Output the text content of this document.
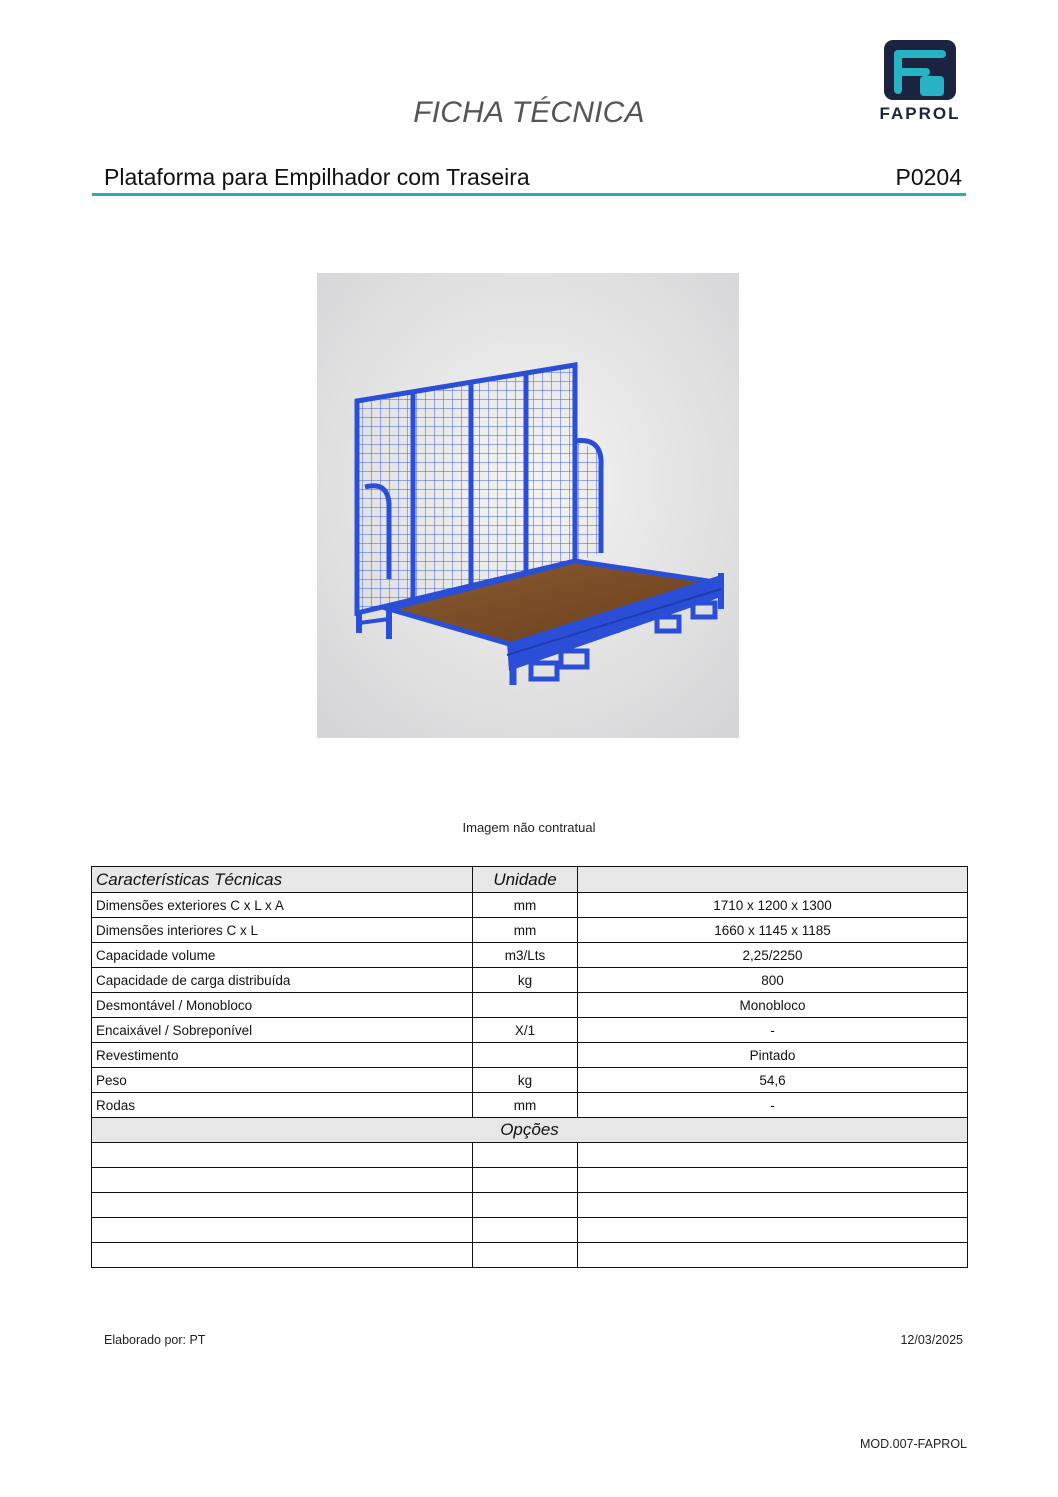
FICHA TÉCNICA	FAPROL
Plataforma para Empilhador com Traseira	P0204
Imagem não contratual
Características Técnicas	Unidade	
Dimensões exteriores C x L x A	mm	1710 x 1200 x 1300
Dimensões interiores C x L	mm	1660 x 1145 x 1185
Capacidade volume	m3/Lts	2,25/2250
Capacidade de carga distribuída	kg	800
Desmontável / Monobloco		Monobloco
Encaixável / Sobreponível	X/1	-
Revestimento		Pintado
Peso	kg	54,6
Rodas	mm	-
Opções		

Elaborado por: PT	12/03/2025
MOD.007-FAPROL
